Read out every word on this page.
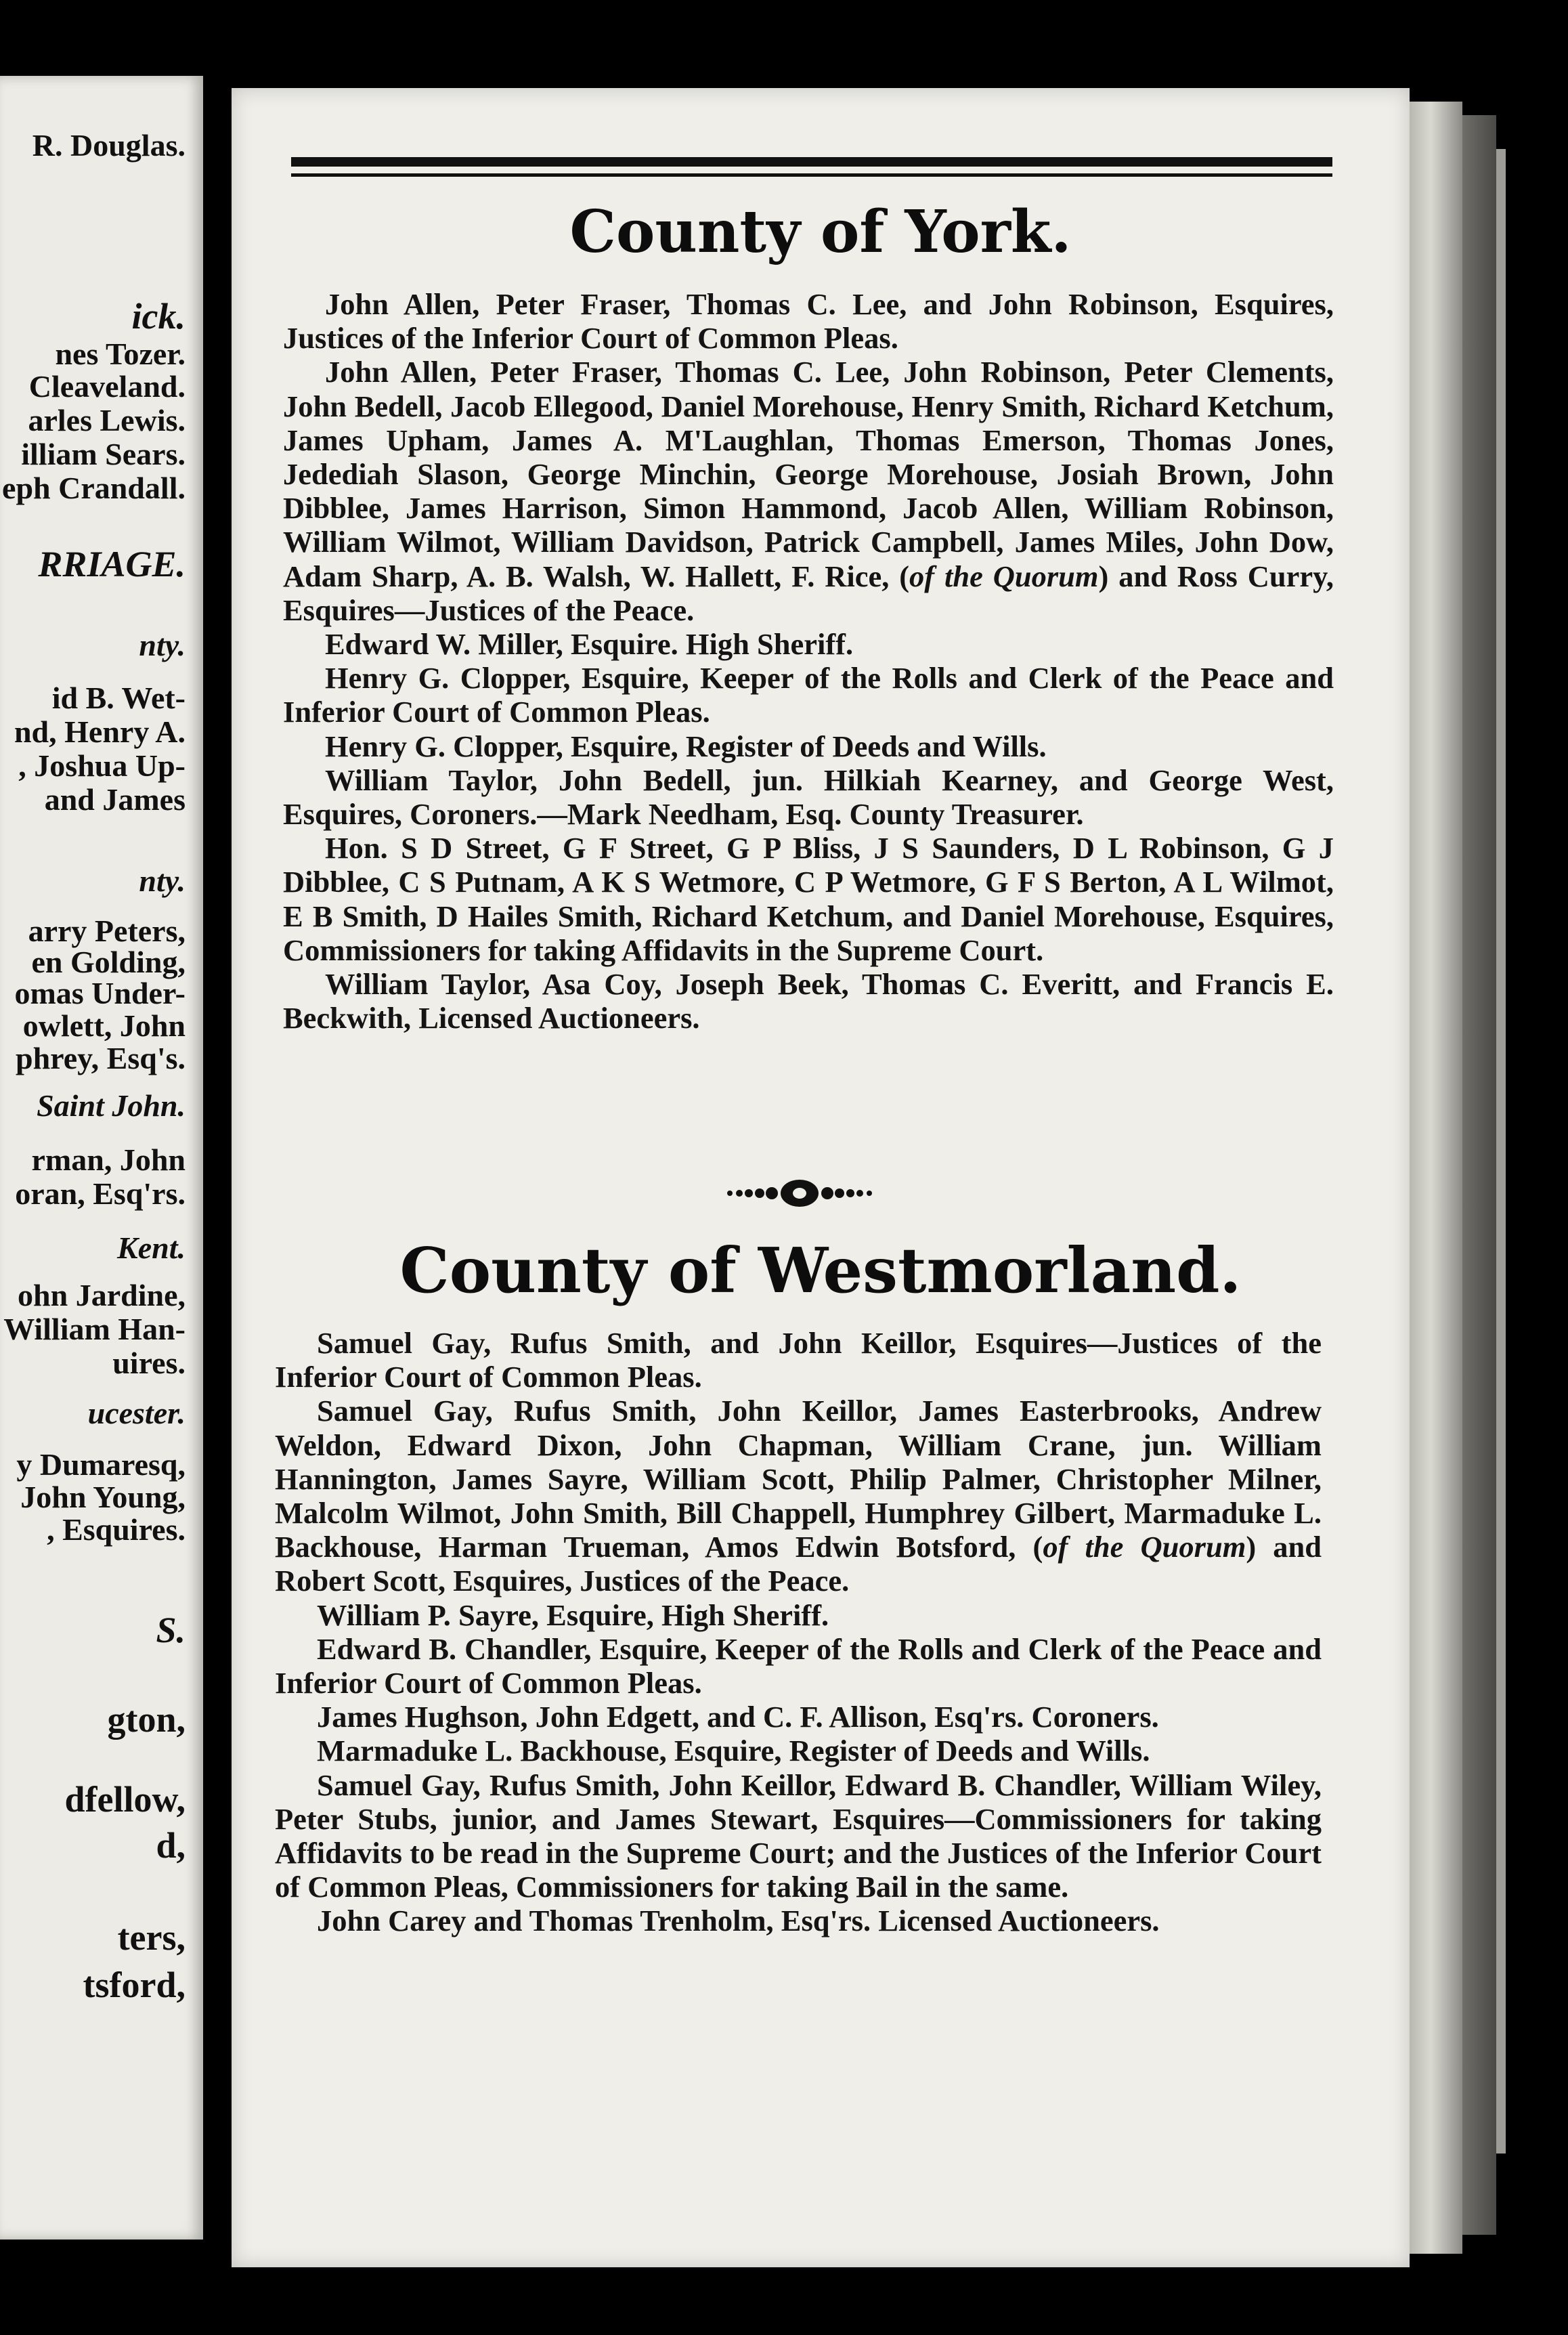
R. Douglas.
ick.
nes Tozer.
Cleaveland.
arles Lewis.
illiam Sears.
eph Crandall.
RRIAGE.
nty.
id B. Wet-
nd, Henry A.
, Joshua Up-
and James
nty.
arry Peters,
en Golding,
omas Under-
owlett, John
phrey, Esq's.
Saint John.
rman, John
oran, Esq'rs.
Kent.
ohn Jardine,
William Han-
uires.
ucester.
y Dumaresq,
John Young,
, Esquires.
S.
gton,
dfellow,
d,
ters,
tsford,
County of York.

John Allen, Peter Fraser, Thomas C. Lee, and John Robinson, Esquires, Justices of the Inferior Court of Common Pleas.

John Allen, Peter Fraser, Thomas C. Lee, John Robinson, Peter Clements, John Bedell, Jacob Ellegood, Daniel Morehouse, Henry Smith, Richard Ketchum, James Upham, James A. M'Laughlan, Thomas Emerson, Thomas Jones, Jedediah Slason, George Minchin, George Morehouse, Josiah Brown, John Dibblee, James Harrison, Simon Hammond, Jacob Allen, William Robinson, William Wilmot, William Davidson, Patrick Campbell, James Miles, John Dow, Adam Sharp, A. B. Walsh, W. Hallett, F. Rice, (of the Quorum) and Ross Curry, Esquires—Justices of the Peace.

Edward W. Miller, Esquire. High Sheriff.

Henry G. Clopper, Esquire, Keeper of the Rolls and Clerk of the Peace and Inferior Court of Common Pleas.

Henry G. Clopper, Esquire, Register of Deeds and Wills.

William Taylor, John Bedell, jun. Hilkiah Kearney, and George West, Esquires, Coroners.—Mark Needham, Esq. County Treasurer.

Hon. S D Street, G F Street, G P Bliss, J S Saunders, D L Robinson, G J Dibblee, C S Putnam, A K S Wetmore, C P Wetmore, G F S Berton, A L Wilmot, E B Smith, D Hailes Smith, Richard Ketchum, and Daniel Morehouse, Esquires, Commissioners for taking Affidavits in the Supreme Court.

William Taylor, Asa Coy, Joseph Beek, Thomas C. Everitt, and Francis E. Beckwith, Licensed Auctioneers.

County of Westmorland.

Samuel Gay, Rufus Smith, and John Keillor, Esquires—Justices of the Inferior Court of Common Pleas.

Samuel Gay, Rufus Smith, John Keillor, James Easterbrooks, Andrew Weldon, Edward Dixon, John Chapman, William Crane, jun. William Hannington, James Sayre, William Scott, Philip Palmer, Christopher Milner, Malcolm Wilmot, John Smith, Bill Chappell, Humphrey Gilbert, Marmaduke L. Backhouse, Harman Trueman, Amos Edwin Botsford, (of the Quorum) and Robert Scott, Esquires, Justices of the Peace.

William P. Sayre, Esquire, High Sheriff.

Edward B. Chandler, Esquire, Keeper of the Rolls and Clerk of the Peace and Inferior Court of Common Pleas.

James Hughson, John Edgett, and C. F. Allison, Esq'rs. Coroners.

Marmaduke L. Backhouse, Esquire, Register of Deeds and Wills.

Samuel Gay, Rufus Smith, John Keillor, Edward B. Chandler, William Wiley, Peter Stubs, junior, and James Stewart, Esquires—Commissioners for taking Affidavits to be read in the Supreme Court; and the Justices of the Inferior Court of Common Pleas, Commissioners for taking Bail in the same.

John Carey and Thomas Trenholm, Esq'rs. Licensed Auctioneers.
